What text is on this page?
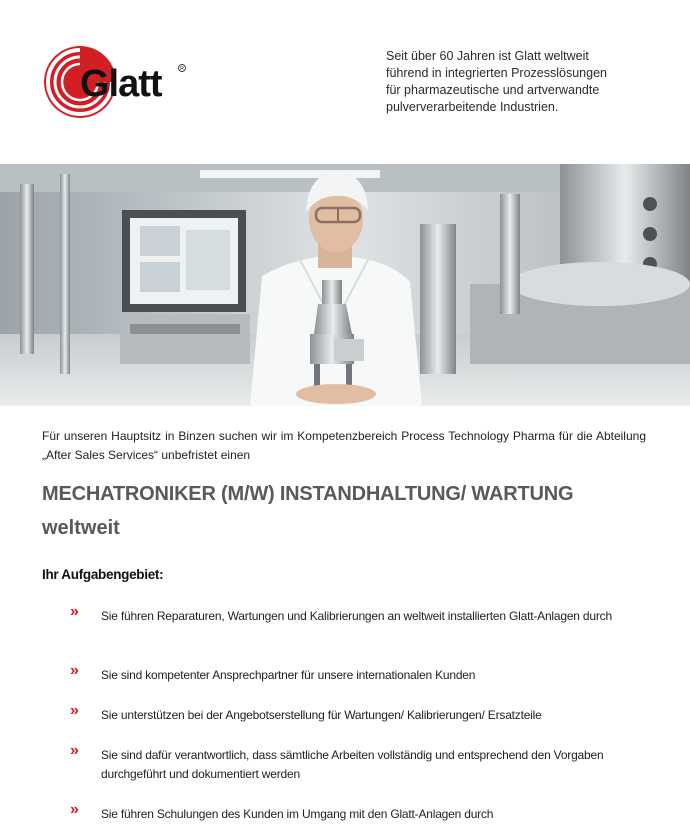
Glatt	R
Seit über 60 Jahren ist Glatt weltweit
führend in integrierten Prozesslösungen
für pharmazeutische und artverwandte
pulververarbeitende Industrien.

Für unseren Hauptsitz in Binzen suchen wir im Kompetenzbereich Process Technology Pharma für die Abteilung „After Sales Services“ unbefristet einen

MECHATRONIKER (M/W) INSTANDHALTUNG/ WARTUNG
weltweit
Ihr Aufgabengebiet:
» Sie führen Reparaturen, Wartungen und Kalibrierungen an weltweit installierten Glatt-Anlagen durch
» Sie sind kompetenter Ansprechpartner für unsere internationalen Kunden
» Sie unterstützen bei der Angebotserstellung für Wartungen/ Kalibrierungen/ Ersatzteile
» Sie sind dafür verantwortlich, dass sämtliche Arbeiten vollständig und entsprechend den Vorgaben durchgeführt und dokumentiert werden
» Sie führen Schulungen des Kunden im Umgang mit den Glatt-Anlagen durch
